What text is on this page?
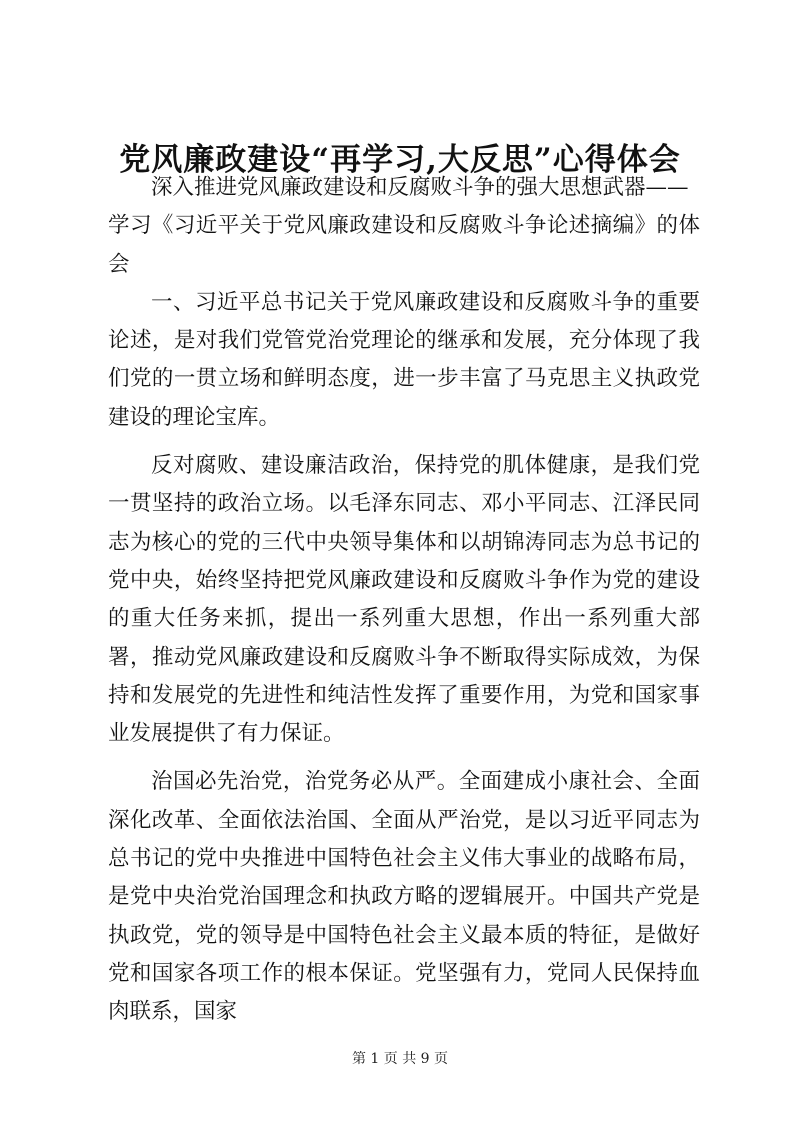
党风廉政建设“再学习,大反思”心得体会

深入推进党风廉政建设和反腐败斗争的强大思想武器——

学习《习近平关于党风廉政建设和反腐败斗争论述摘编》的体会

一、习近平总书记关于党风廉政建设和反腐败斗争的重要论述，是对我们党管党治党理论的继承和发展，充分体现了我们党的一贯立场和鲜明态度，进一步丰富了马克思主义执政党建设的理论宝库。

反对腐败、建设廉洁政治，保持党的肌体健康，是我们党一贯坚持的政治立场。以毛泽东同志、邓小平同志、江泽民同志为核心的党的三代中央领导集体和以胡锦涛同志为总书记的党中央，始终坚持把党风廉政建设和反腐败斗争作为党的建设的重大任务来抓，提出一系列重大思想，作出一系列重大部署，推动党风廉政建设和反腐败斗争不断取得实际成效，为保持和发展党的先进性和纯洁性发挥了重要作用，为党和国家事业发展提供了有力保证。

治国必先治党，治党务必从严。全面建成小康社会、全面深化改革、全面依法治国、全面从严治党，是以习近平同志为总书记的党中央推进中国特色社会主义伟大事业的战略布局，是党中央治党治国理念和执政方略的逻辑展开。中国共产党是执政党，党的领导是中国特色社会主义最本质的特征，是做好党和国家各项工作的根本保证。党坚强有力，党同人民保持血肉联系，国家

第 1 页 共 9 页
